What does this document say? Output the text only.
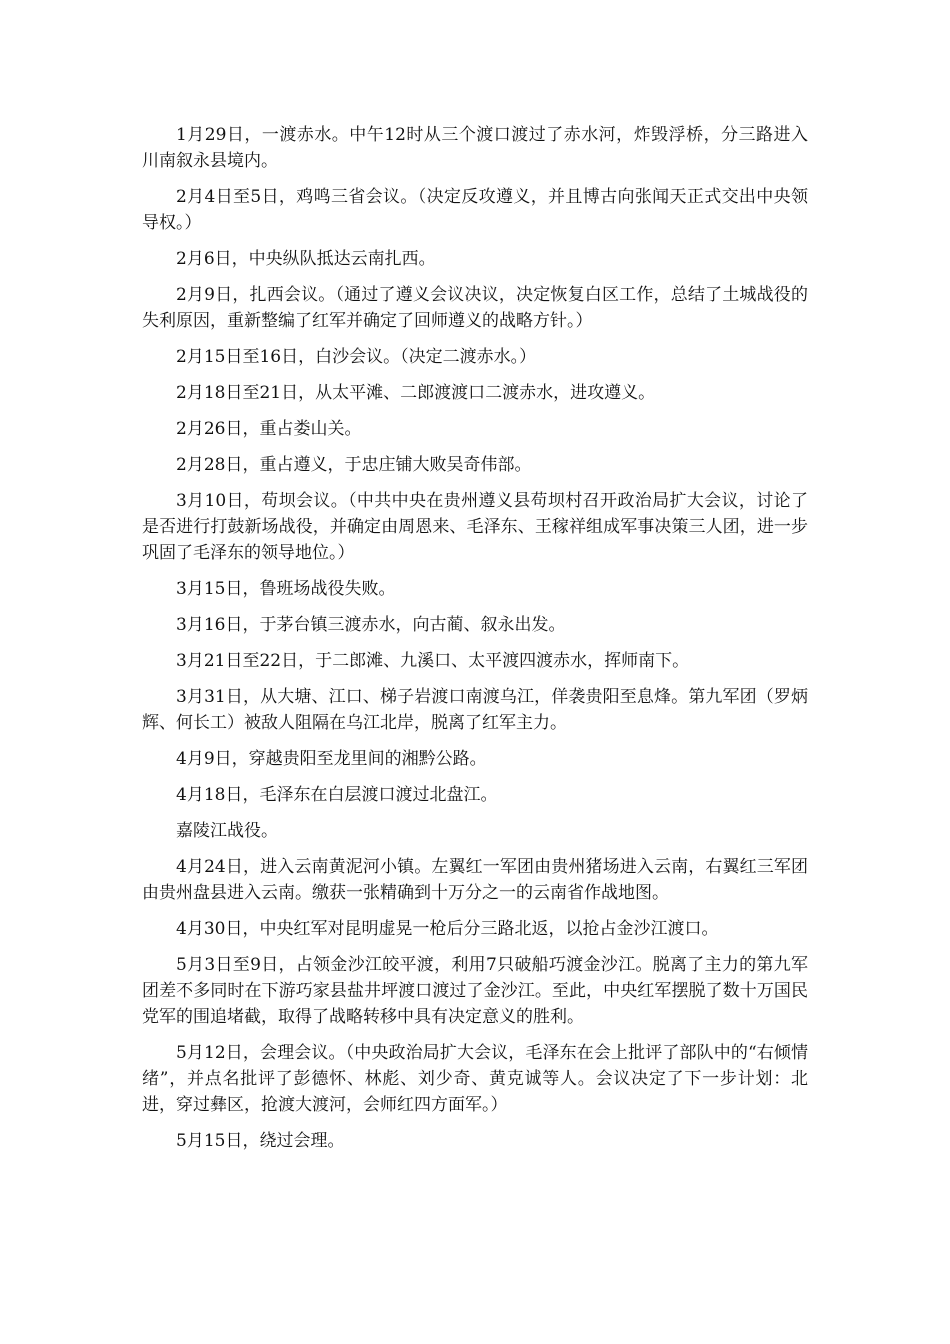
1月29日，一渡赤水。中午12时从三个渡口渡过了赤水河，炸毁浮桥，分三路进入川南叙永县境内。

2月4日至5日，鸡鸣三省会议。（决定反攻遵义，并且博古向张闻天正式交出中央领导权。）

2月6日，中央纵队抵达云南扎西。

2月9日，扎西会议。（通过了遵义会议决议，决定恢复白区工作，总结了土城战役的失利原因，重新整编了红军并确定了回师遵义的战略方针。）

2月15日至16日，白沙会议。（决定二渡赤水。）

2月18日至21日，从太平滩、二郎渡渡口二渡赤水，进攻遵义。

2月26日，重占娄山关。

2月28日，重占遵义，于忠庄铺大败吴奇伟部。

3月10日，苟坝会议。（中共中央在贵州遵义县苟坝村召开政治局扩大会议，讨论了是否进行打鼓新场战役，并确定由周恩来、毛泽东、王稼祥组成军事决策三人团，进一步巩固了毛泽东的领导地位。）

3月15日，鲁班场战役失败。

3月16日，于茅台镇三渡赤水，向古蔺、叙永出发。

3月21日至22日，于二郎滩、九溪口、太平渡四渡赤水，挥师南下。

3月31日，从大塘、江口、梯子岩渡口南渡乌江，佯袭贵阳至息烽。第九军团（罗炳辉、何长工）被敌人阻隔在乌江北岸，脱离了红军主力。

4月9日，穿越贵阳至龙里间的湘黔公路。

4月18日，毛泽东在白层渡口渡过北盘江。

嘉陵江战役。

4月24日，进入云南黄泥河小镇。左翼红一军团由贵州猪场进入云南，右翼红三军团由贵州盘县进入云南。缴获一张精确到十万分之一的云南省作战地图。

4月30日，中央红军对昆明虚晃一枪后分三路北返，以抢占金沙江渡口。

5月3日至9日，占领金沙江皎平渡，利用7只破船巧渡金沙江。脱离了主力的第九军团差不多同时在下游巧家县盐井坪渡口渡过了金沙江。至此，中央红军摆脱了数十万国民党军的围追堵截，取得了战略转移中具有决定意义的胜利。

5月12日，会理会议。（中央政治局扩大会议，毛泽东在会上批评了部队中的“右倾情绪”，并点名批评了彭德怀、林彪、刘少奇、黄克诚等人。会议决定了下一步计划：北进，穿过彝区，抢渡大渡河，会师红四方面军。）

5月15日，绕过会理。
